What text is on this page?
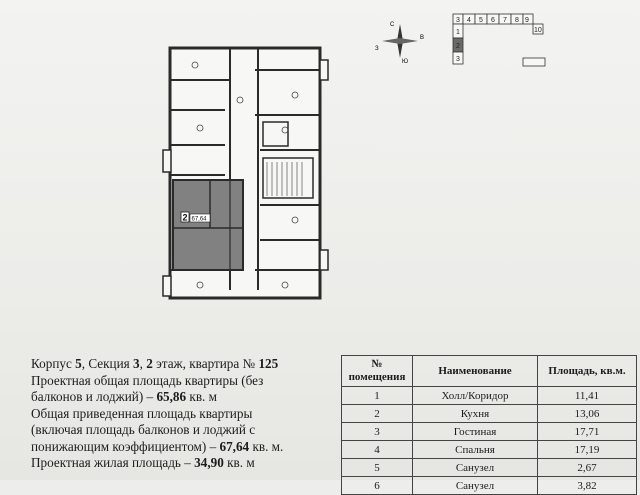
2 67,64
С
Ю
З
В
3 4 5 6 7 8 9
10
1
2
3
Корпус 5, Секция 3, 2 этаж, квартира № 125
Проектная общая площадь квартиры (без
балконов и лоджий) – 65,86 кв. м
Общая приведенная площадь квартиры
(включая площадь балконов и лоджий с
понижающим коэффициентом) – 67,64 кв. м.
Проектная жилая площадь – 34,90 кв. м
№ помещения	Наименование	Площадь, кв.м.
1	Холл/Коридор	11,41
2	Кухня	13,06
3	Гостиная	17,71
4	Спальня	17,19
5	Санузел	2,67
6	Санузел	3,82
